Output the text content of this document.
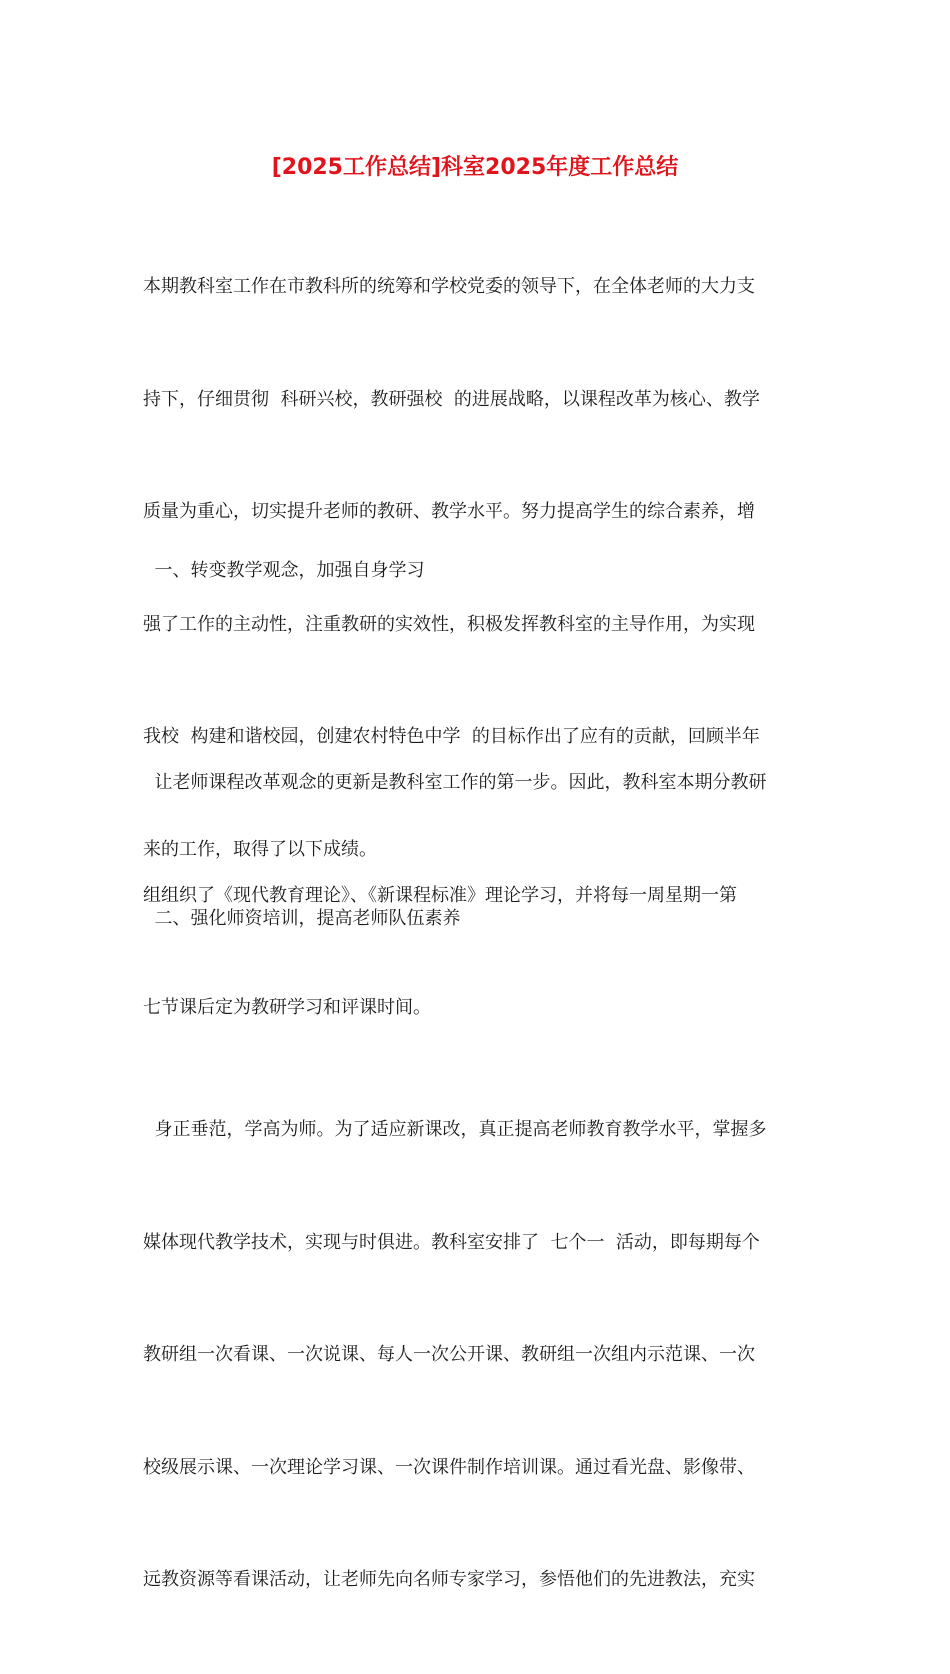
[2025工作总结]科室2025年度工作总结

本期教科室工作在市教科所的统筹和学校党委的领导下，在全体老师的大力支

持下，仔细贯彻  科研兴校，教研强校  的进展战略，以课程改革为核心、教学

质量为重心，切实提升老师的教研、教学水平。努力提高学生的综合素养，增

强了工作的主动性，注重教研的实效性，积极发挥教科室的主导作用，为实现

我校  构建和谐校园，创建农村特色中学  的目标作出了应有的贡献，回顾半年

来的工作，取得了以下成绩。

一、转变教学观念，加强自身学习

让老师课程改革观念的更新是教科室工作的第一步。因此，教科室本期分教研

组组织了《现代教育理论》、《新课程标准》理论学习，并将每一周星期一第

七节课后定为教研学习和评课时间。

二、强化师资培训，提高老师队伍素养

身正垂范，学高为师。为了适应新课改，真正提高老师教育教学水平，掌握多

媒体现代教学技术，实现与时俱进。教科室安排了  七个一  活动，即每期每个

教研组一次看课、一次说课、每人一次公开课、教研组一次组内示范课、一次

校级展示课、一次理论学习课、一次课件制作培训课。通过看光盘、影像带、

远教资源等看课活动，让老师先向名师专家学习，参悟他们的先进教法，充实
